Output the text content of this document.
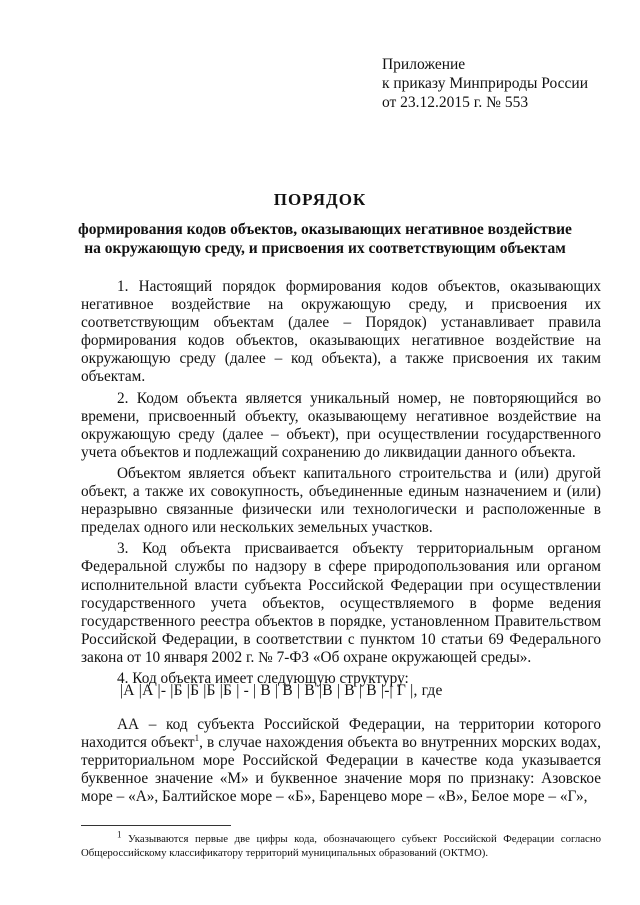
Приложение
к приказу Минприроды России
от 23.12.2015 г. № 553
ПОРЯДОК
формирования кодов объектов, оказывающих негативное воздействие
на окружающую среду, и присвоения их соответствующим объектам

1. Настоящий порядок формирования кодов объектов, оказывающих негативное воздействие на окружающую среду, и присвоения их соответствующим объектам (далее – Порядок) устанавливает правила формирования кодов объектов, оказывающих негативное воздействие на окружающую среду (далее – код объекта), а также присвоения их таким объектам.

2. Кодом объекта является уникальный номер, не повторяющийся во времени, присвоенный объекту, оказывающему негативное воздействие на окружающую среду (далее – объект), при осуществлении государственного учета объектов и подлежащий сохранению до ликвидации данного объекта.

Объектом является объект капитального строительства и (или) другой объект, а также их совокупность, объединенные единым назначением и (или) неразрывно связанные физически или технологически и расположенные в пределах одного или нескольких земельных участков.

3. Код объекта присваивается объекту территориальным органом Федеральной службы по надзору в сфере природопользования или органом исполнительной власти субъекта Российской Федерации при осуществлении государственного учета объектов, осуществляемого в форме ведения государственного реестра объектов в порядке, установленном Правительством Российской Федерации, в соответствии с пунктом 10 статьи 69 Федерального закона от 10 января 2002 г. № 7-ФЗ «Об охране окружающей среды».

4. Код объекта имеет следующую структуру:

|А |А |- |Б |Б |Б |Б | - | В | В | В |В | В | В |-| Г |, где

АА – код субъекта Российской Федерации, на территории которого находится объект$^1$, в случае нахождения объекта во внутренних морских водах, территориальном море Российской Федерации в качестве кода указывается буквенное значение «М» и буквенное значение моря по признаку: Азовское море – «А», Балтийское море – «Б», Баренцево море – «В», Белое море – «Г»,

$^1$ Указываются первые две цифры кода, обозначающего субъект Российской Федерации согласно Общероссийскому классификатору территорий муниципальных образований (ОКТМО).
